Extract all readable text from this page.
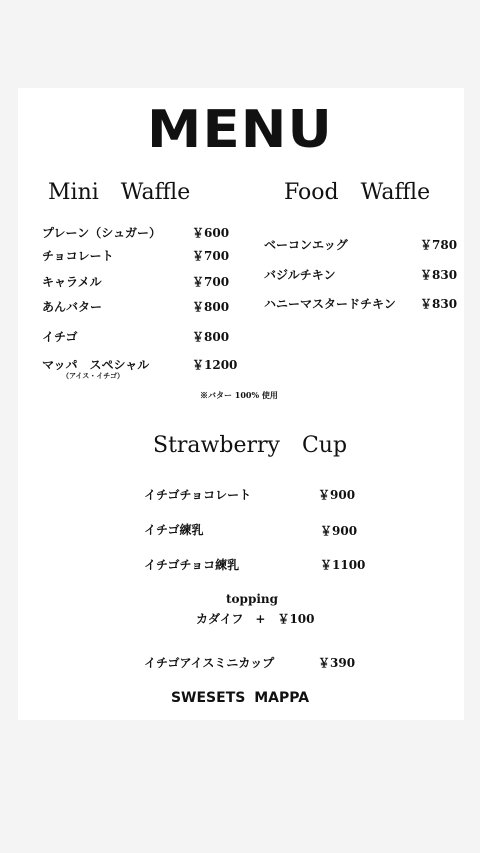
MENU
Mini　Waffle
プレーン（シュガー）	￥600
チョコレート	￥700
キャラメル	￥700
あんバター	￥800
イチゴ	￥800
マッパ　スペシャル	￥1200
（アイス・イチゴ）
※バター 100% 使用
Food　Waffle
ベーコンエッグ	￥780
バジルチキン	￥830
ハニーマスタードチキン ￥830
Strawberry　Cup
イチゴチョコレート	￥900
イチゴ練乳	￥900
イチゴチョコ練乳	￥1100
topping
カダイフ　+　￥100
イチゴアイスミニカップ	￥390
SWESETS MAPPA
